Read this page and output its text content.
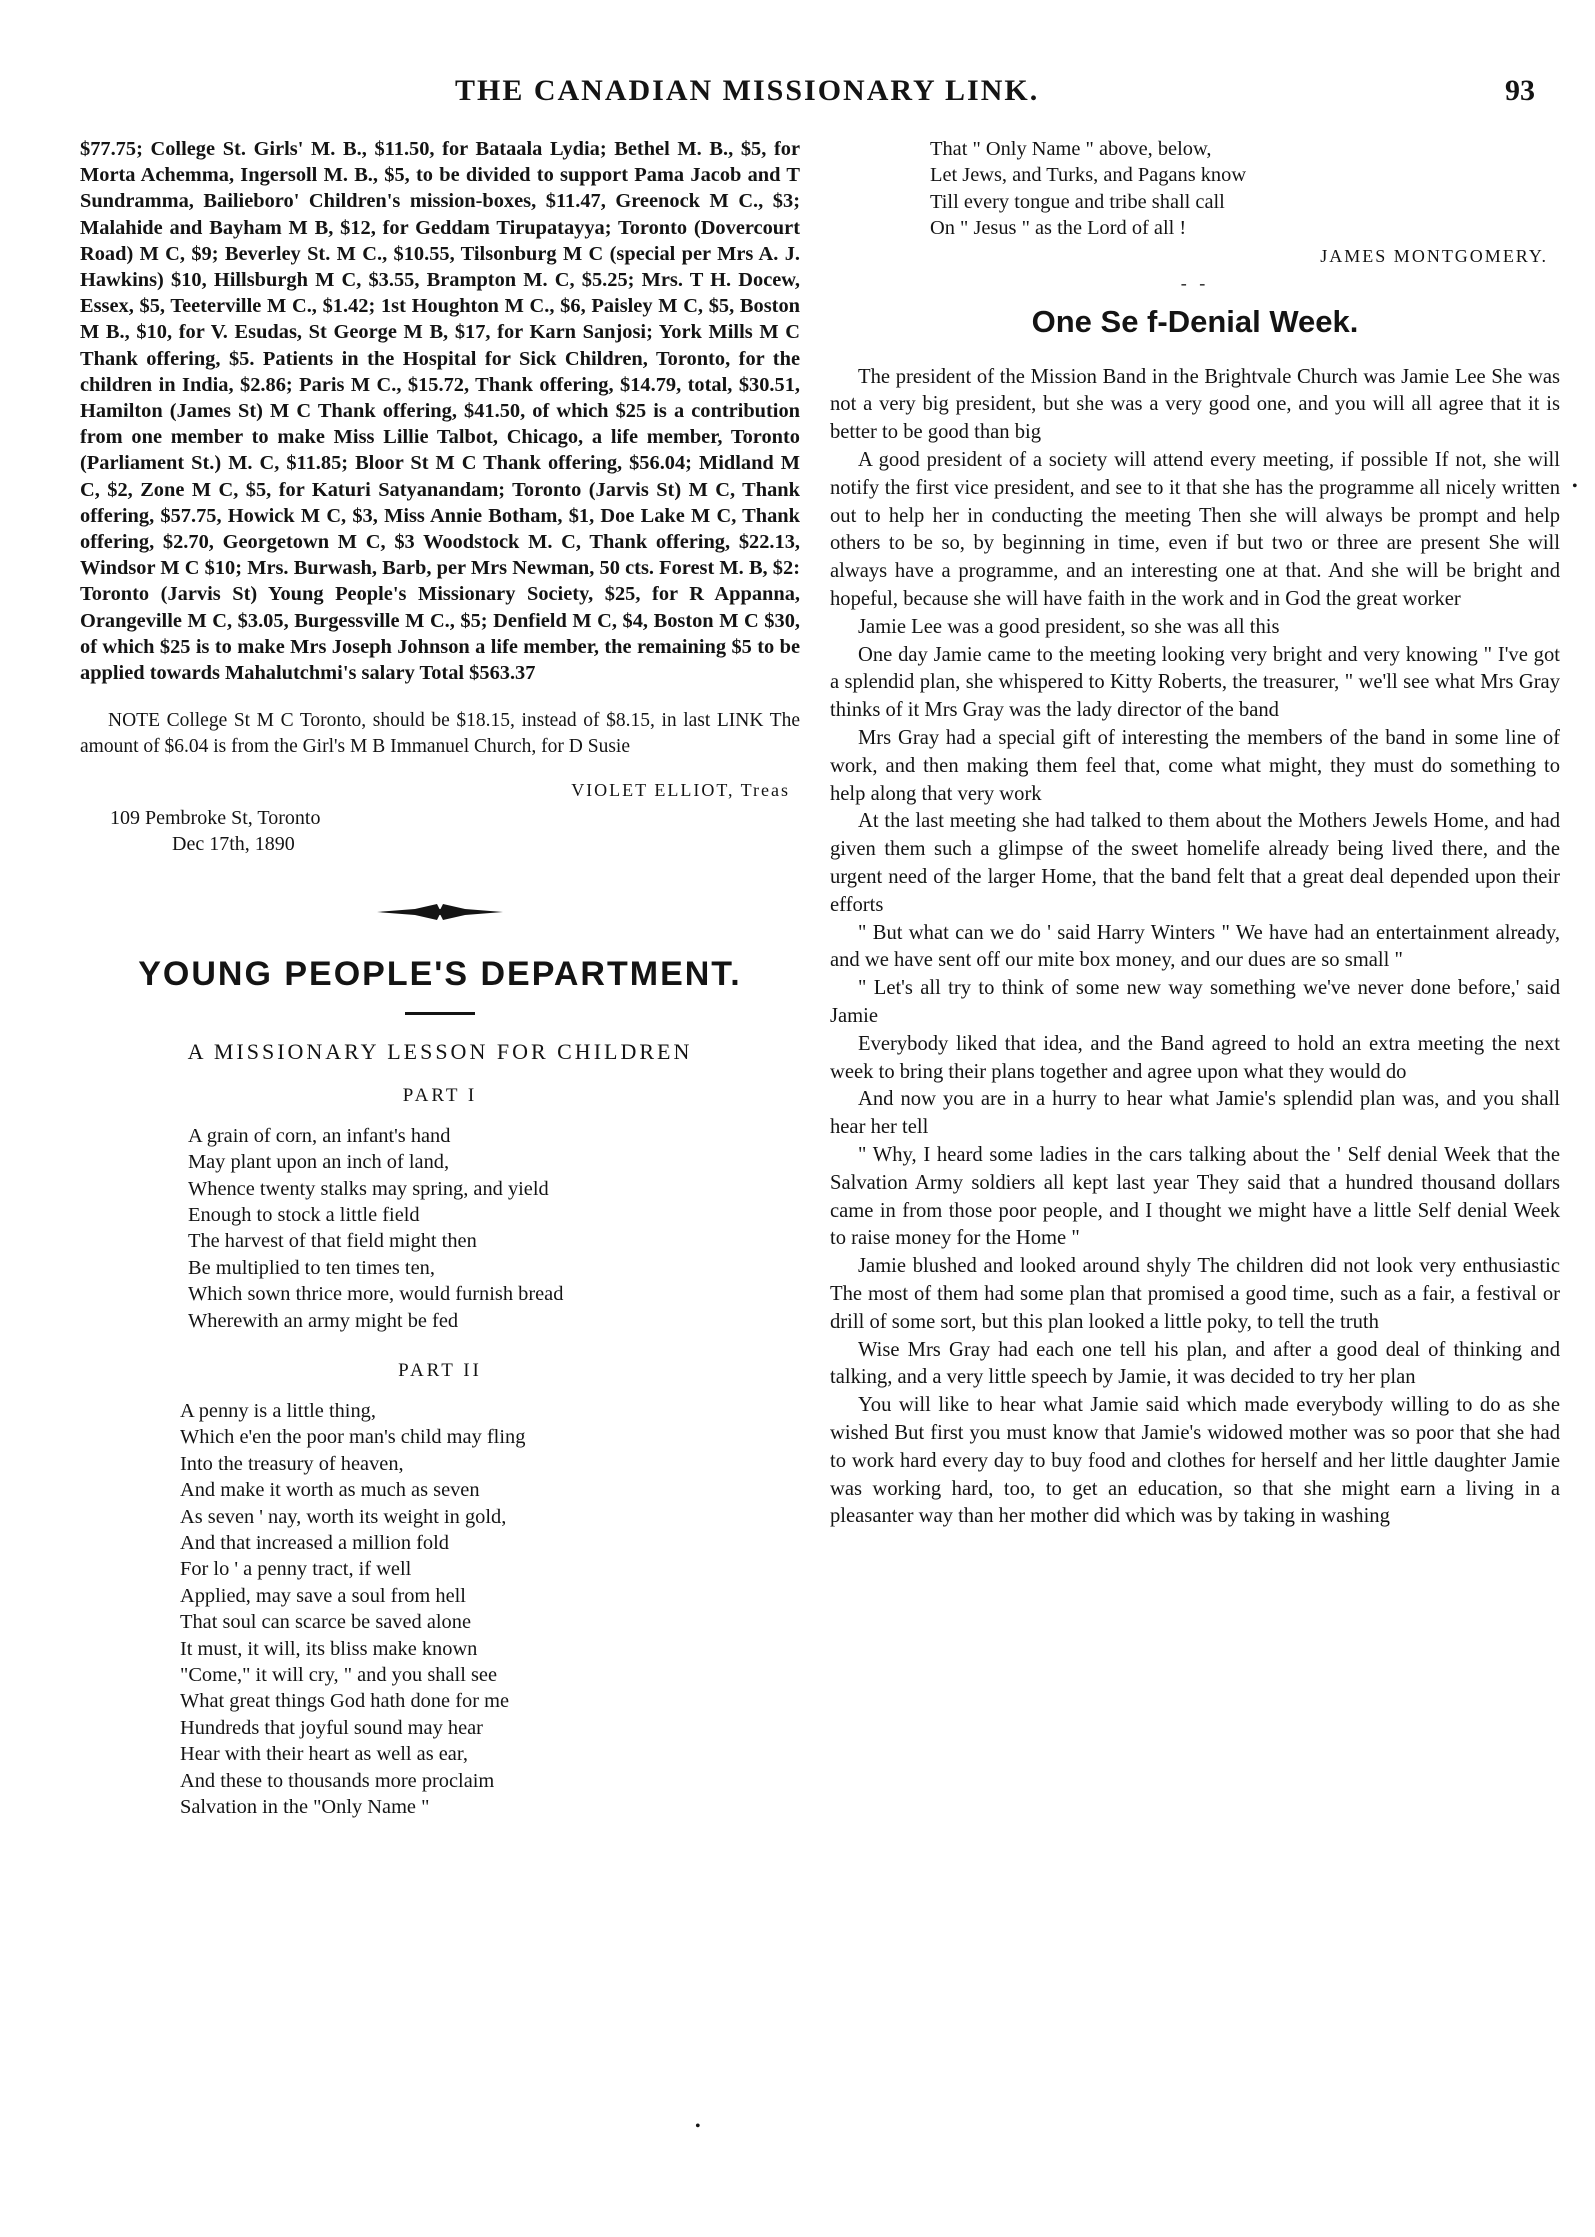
THE CANADIAN MISSIONARY LINK.	93

$77.75; College St. Girls' M. B., $11.50, for Bataala Lydia; Bethel M. B., $5, for Morta Achemma, Ingersoll M. B., $5, to be divided to support Pama Jacob and T Sundramma, Bailieboro' Children's mission-boxes, $11.47, Greenock M C., $3; Malahide and Bayham M B, $12, for Geddam Tirupatayya; Toronto (Dovercourt Road) M C, $9; Beverley St. M C., $10.55, Tilsonburg M C (special per Mrs A. J. Hawkins) $10, Hillsburgh M C, $3.55, Brampton M. C, $5.25; Mrs. T H. Docew, Essex, $5, Teeterville M C., $1.42; 1st Houghton M C., $6, Paisley M C, $5, Boston M B., $10, for V. Esudas, St George M B, $17, for Karn Sanjosi; York Mills M C Thank offering, $5. Patients in the Hospital for Sick Children, Toronto, for the children in India, $2.86; Paris M C., $15.72, Thank offering, $14.79, total, $30.51, Hamilton (James St) M C Thank offering, $41.50, of which $25 is a contribution from one member to make Miss Lillie Talbot, Chicago, a life member, Toronto (Parliament St.) M. C, $11.85; Bloor St M C Thank offering, $56.04; Midland M C, $2, Zone M C, $5, for Katuri Satyanandam; Toronto (Jarvis St) M C, Thank offering, $57.75, Howick M C, $3, Miss Annie Botham, $1, Doe Lake M C, Thank offering, $2.70, Georgetown M C, $3 Woodstock M. C, Thank offering, $22.13, Windsor M C $10; Mrs. Burwash, Barb, per Mrs Newman, 50 cts. Forest M. B, $2: Toronto (Jarvis St) Young People's Missionary Society, $25, for R Appanna, Orangeville M C, $3.05, Burgessville M C., $5; Denfield M C, $4, Boston M C $30, of which $25 is to make Mrs Joseph Johnson a life member, the remaining $5 to be applied towards Mahalutchmi's salary Total $563.37

NOTE College St M C Toronto, should be $18.15, instead of $8.15, in last LINK The amount of $6.04 is from the Girl's M B Immanuel Church, for D Susie

VIOLET ELLIOT, Treas
109 Pembroke St, Toronto
Dec 17th, 1890
YOUNG PEOPLE'S DEPARTMENT.
A MISSIONARY LESSON FOR CHILDREN
PART I
A grain of corn, an infant's hand
May plant upon an inch of land,
Whence twenty stalks may spring, and yield
Enough to stock a little field
The harvest of that field might then
Be multiplied to ten times ten,
Which sown thrice more, would furnish bread
Wherewith an army might be fed
PART II
A penny is a little thing,
Which e'en the poor man's child may fling
Into the treasury of heaven,
And make it worth as much as seven
As seven ' nay, worth its weight in gold,
And that increased a million fold
For lo ' a penny tract, if well
Applied, may save a soul from hell
That soul can scarce be saved alone
It must, it will, its bliss make known
"Come," it will cry, " and you shall see
What great things God hath done for me
Hundreds that joyful sound may hear
Hear with their heart as well as ear,
And these to thousands more proclaim
Salvation in the "Only Name "
That " Only Name " above, below,
Let Jews, and Turks, and Pagans know
Till every tongue and tribe shall call
On " Jesus " as the Lord of all !
JAMES MONTGOMERY.
- -
One Se f-Denial Week.

The president of the Mission Band in the Brightvale Church was Jamie Lee She was not a very big president, but she was a very good one, and you will all agree that it is better to be good than big

A good president of a society will attend every meeting, if possible If not, she will notify the first vice president, and see to it that she has the programme all nicely written out to help her in conducting the meeting Then she will always be prompt and help others to be so, by beginning in time, even if but two or three are present She will always have a programme, and an interesting one at that. And she will be bright and hopeful, because she will have faith in the work and in God the great worker

Jamie Lee was a good president, so she was all this

One day Jamie came to the meeting looking very bright and very knowing " I've got a splendid plan, she whispered to Kitty Roberts, the treasurer, " we'll see what Mrs Gray thinks of it Mrs Gray was the lady director of the band

Mrs Gray had a special gift of interesting the members of the band in some line of work, and then making them feel that, come what might, they must do something to help along that very work

At the last meeting she had talked to them about the Mothers Jewels Home, and had given them such a glimpse of the sweet homelife already being lived there, and the urgent need of the larger Home, that the band felt that a great deal depended upon their efforts

" But what can we do ' said Harry Winters " We have had an entertainment already, and we have sent off our mite box money, and our dues are so small "

" Let's all try to think of some new way something we've never done before,' said Jamie

Everybody liked that idea, and the Band agreed to hold an extra meeting the next week to bring their plans together and agree upon what they would do

And now you are in a hurry to hear what Jamie's splendid plan was, and you shall hear her tell

" Why, I heard some ladies in the cars talking about the ' Self denial Week that the Salvation Army soldiers all kept last year They said that a hundred thousand dollars came in from those poor people, and I thought we might have a little Self denial Week to raise money for the Home "

Jamie blushed and looked around shyly The children did not look very enthusiastic The most of them had some plan that promised a good time, such as a fair, a festival or drill of some sort, but this plan looked a little poky, to tell the truth

Wise Mrs Gray had each one tell his plan, and after a good deal of thinking and talking, and a very little speech by Jamie, it was decided to try her plan

You will like to hear what Jamie said which made everybody willing to do as she wished But first you must know that Jamie's widowed mother was so poor that she had to work hard every day to buy food and clothes for herself and her little daughter Jamie was working hard, too, to get an education, so that she might earn a living in a pleasanter way than her mother did which was by taking in washing

•
•
